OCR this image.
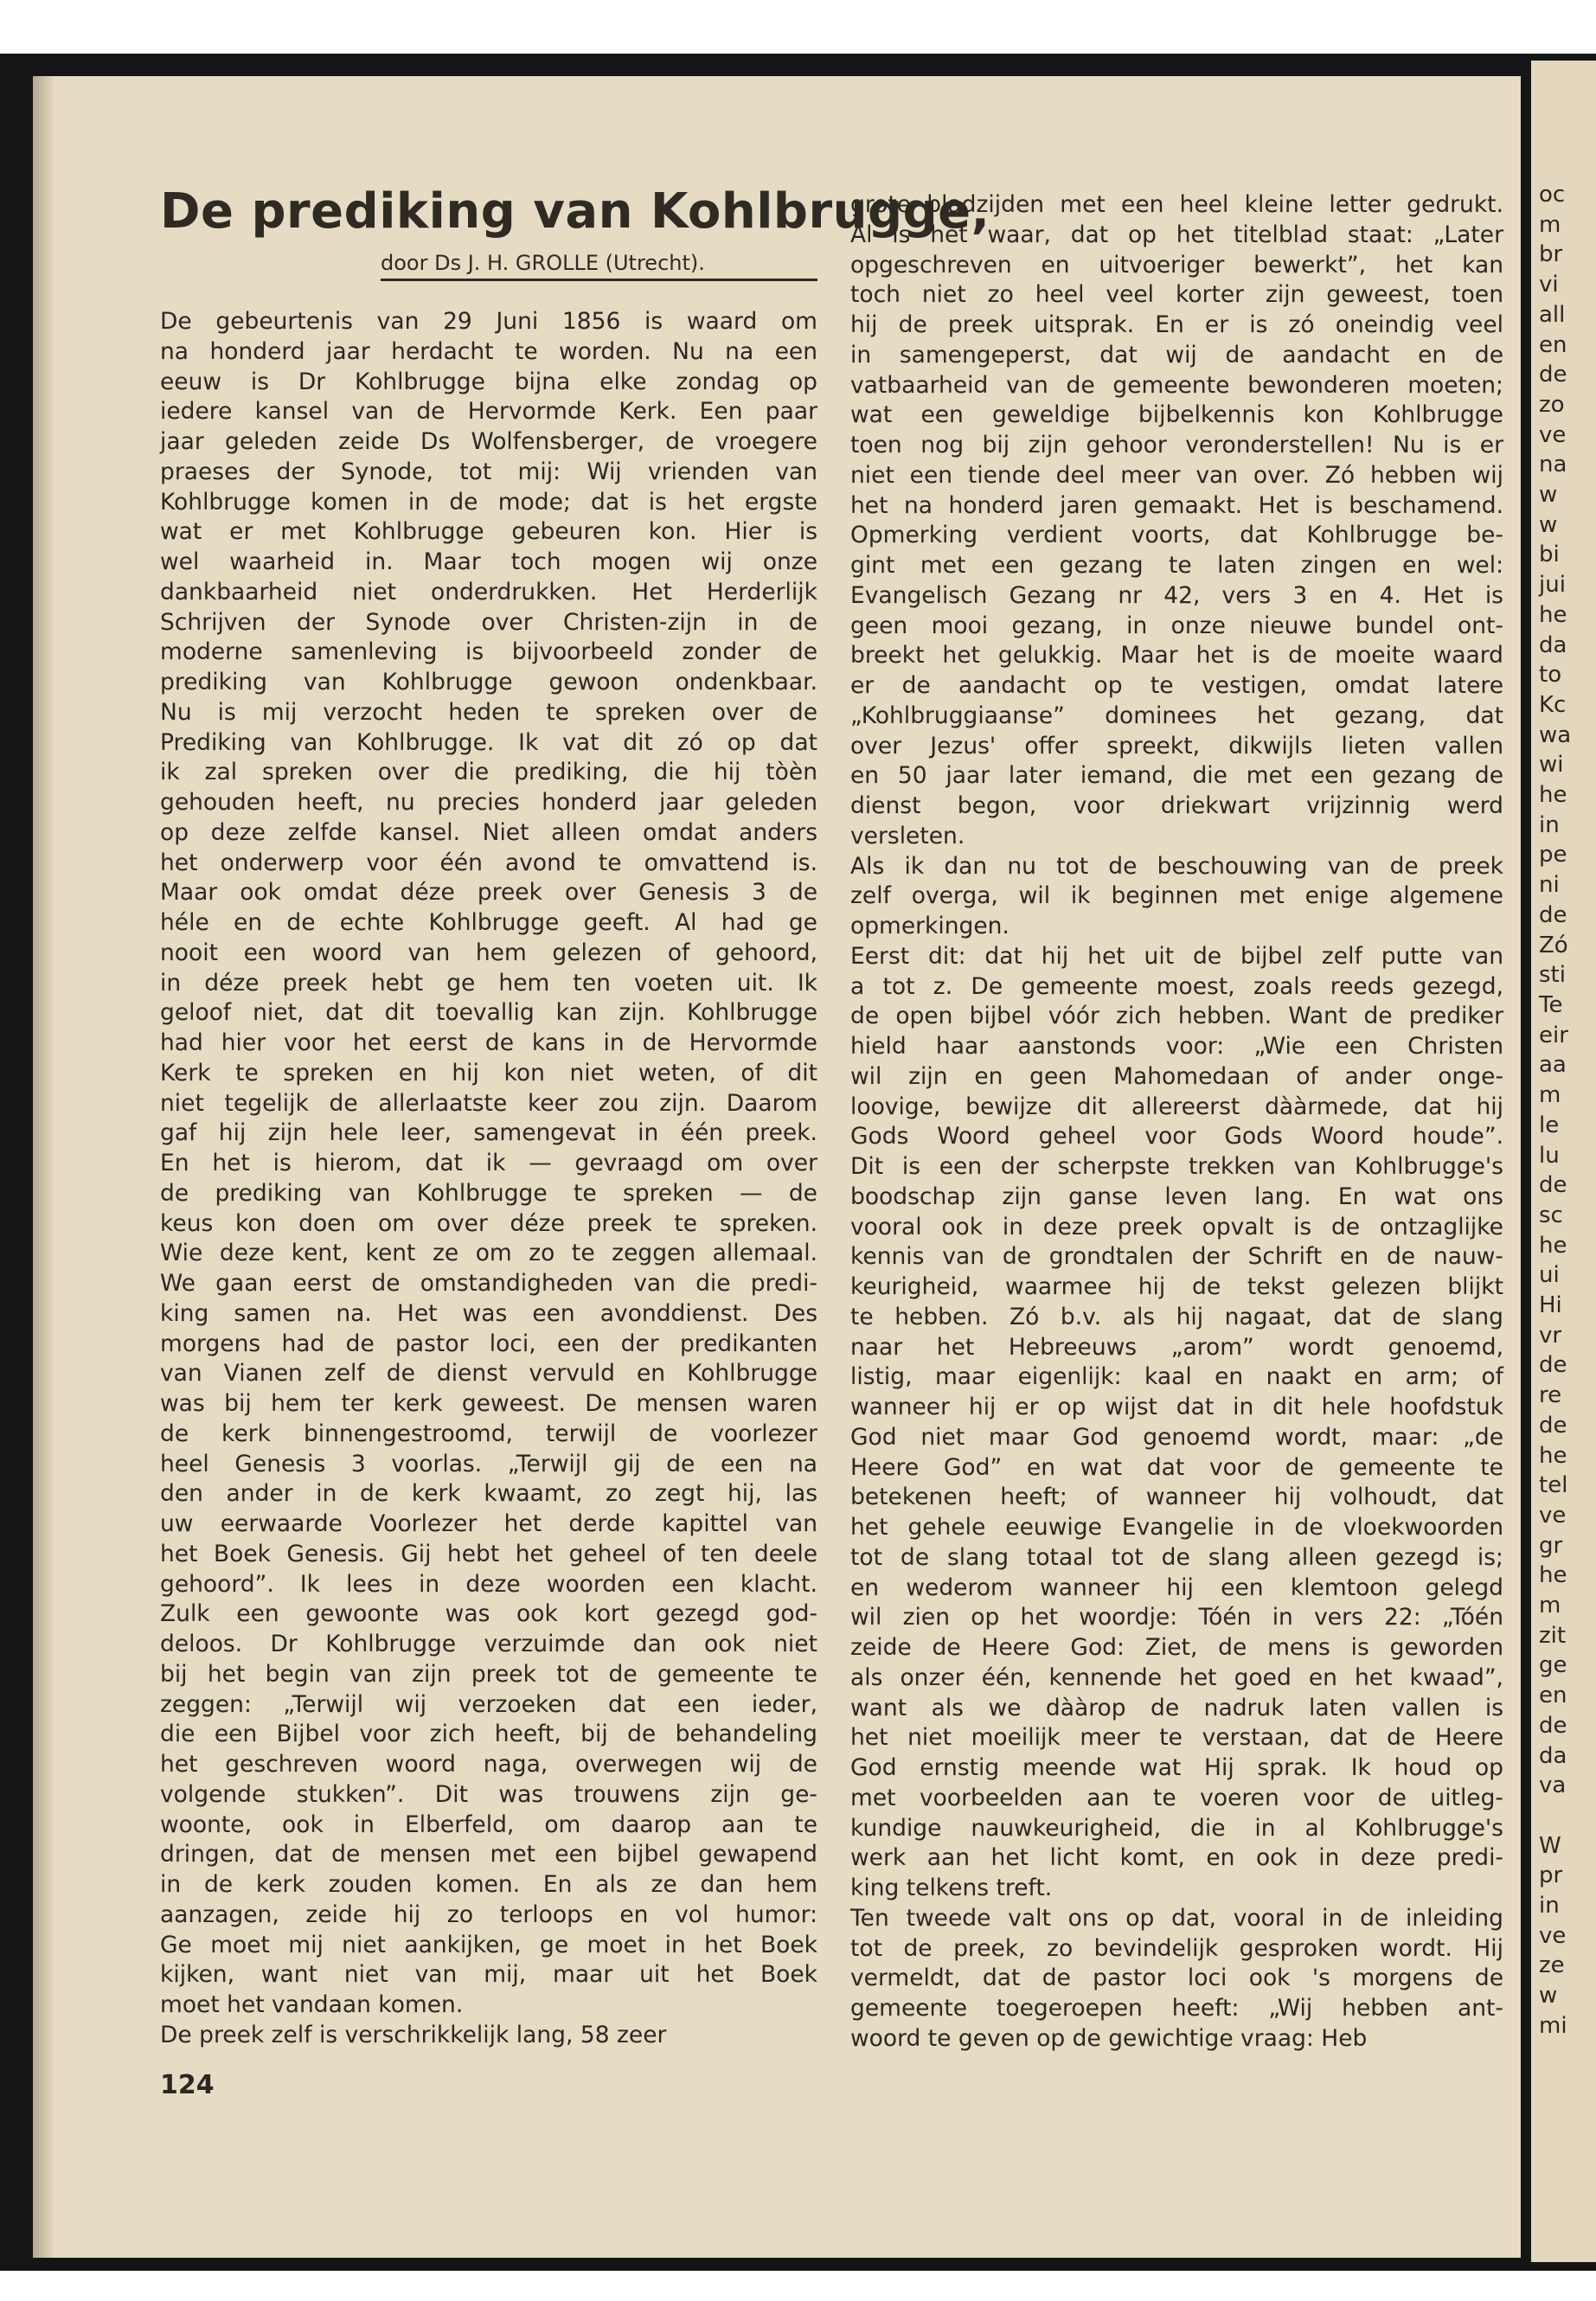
oc
m
br
vi
all
en
de
zo
ve
na
w
w
bi
jui
he
da
to
Kc
wa
wi
he
in
pe
ni
de
Zó
sti
Te
eir
aa
m
le
lu
de
sc
he
ui
Hi
vr
de
re
de
he
tel
ve
gr
he
m
zit
ge
en
de
da
va

W
pr
in
ve
ze
w
mi
De prediking van Kohlbrugge,
door Ds J. H. GROLLE (Utrecht).
De gebeurtenis van 29 Juni 1856 is waard om
na honderd jaar herdacht te worden. Nu na een
eeuw is Dr Kohlbrugge bijna elke zondag op
iedere kansel van de Hervormde Kerk. Een paar
jaar geleden zeide Ds Wolfensberger, de vroegere
praeses der Synode, tot mij: Wij vrienden van
Kohlbrugge komen in de mode; dat is het ergste
wat er met Kohlbrugge gebeuren kon. Hier is
wel waarheid in. Maar toch mogen wij onze
dankbaarheid niet onderdrukken. Het Herderlijk
Schrijven der Synode over Christen-zijn in de
moderne samenleving is bijvoorbeeld zonder de
prediking van Kohlbrugge gewoon ondenkbaar.
Nu is mij verzocht heden te spreken over de
Prediking van Kohlbrugge. Ik vat dit zó op dat
ik zal spreken over die prediking, die hij tòèn
gehouden heeft, nu precies honderd jaar geleden
op deze zelfde kansel. Niet alleen omdat anders
het onderwerp voor één avond te omvattend is.
Maar ook omdat déze preek over Genesis 3 de
héle en de echte Kohlbrugge geeft. Al had ge
nooit een woord van hem gelezen of gehoord,
in déze preek hebt ge hem ten voeten uit. Ik
geloof niet, dat dit toevallig kan zijn. Kohlbrugge
had hier voor het eerst de kans in de Hervormde
Kerk te spreken en hij kon niet weten, of dit
niet tegelijk de allerlaatste keer zou zijn. Daarom
gaf hij zijn hele leer, samengevat in één preek.
En het is hierom, dat ik — gevraagd om over
de prediking van Kohlbrugge te spreken — de
keus kon doen om over déze preek te spreken.
Wie deze kent, kent ze om zo te zeggen allemaal.
We gaan eerst de omstandigheden van die predi-
king samen na. Het was een avonddienst. Des
morgens had de pastor loci, een der predikanten
van Vianen zelf de dienst vervuld en Kohlbrugge
was bij hem ter kerk geweest. De mensen waren
de kerk binnengestroomd, terwijl de voorlezer
heel Genesis 3 voorlas. „Terwijl gij de een na
den ander in de kerk kwaamt, zo zegt hij, las
uw eerwaarde Voorlezer het derde kapittel van
het Boek Genesis. Gij hebt het geheel of ten deele
gehoord”. Ik lees in deze woorden een klacht.
Zulk een gewoonte was ook kort gezegd god-
deloos. Dr Kohlbrugge verzuimde dan ook niet
bij het begin van zijn preek tot de gemeente te
zeggen: „Terwijl wij verzoeken dat een ieder,
die een Bijbel voor zich heeft, bij de behandeling
het geschreven woord naga, overwegen wij de
volgende stukken”. Dit was trouwens zijn ge-
woonte, ook in Elberfeld, om daarop aan te
dringen, dat de mensen met een bijbel gewapend
in de kerk zouden komen. En als ze dan hem
aanzagen, zeide hij zo terloops en vol humor:
Ge moet mij niet aankijken, ge moet in het Boek
kijken, want niet van mij, maar uit het Boek
moet het vandaan komen.
De preek zelf is verschrikkelijk lang, 58 zeer
grote bladzijden met een heel kleine letter gedrukt.
Al is het waar, dat op het titelblad staat: „Later
opgeschreven en uitvoeriger bewerkt”, het kan
toch niet zo heel veel korter zijn geweest, toen
hij de preek uitsprak. En er is zó oneindig veel
in samengeperst, dat wij de aandacht en de
vatbaarheid van de gemeente bewonderen moeten;
wat een geweldige bijbelkennis kon Kohlbrugge
toen nog bij zijn gehoor veronderstellen! Nu is er
niet een tiende deel meer van over. Zó hebben wij
het na honderd jaren gemaakt. Het is beschamend.
Opmerking verdient voorts, dat Kohlbrugge be-
gint met een gezang te laten zingen en wel:
Evangelisch Gezang nr 42, vers 3 en 4. Het is
geen mooi gezang, in onze nieuwe bundel ont-
breekt het gelukkig. Maar het is de moeite waard
er de aandacht op te vestigen, omdat latere
„Kohlbruggiaanse” dominees het gezang, dat
over Jezus' offer spreekt, dikwijls lieten vallen
en 50 jaar later iemand, die met een gezang de
dienst begon, voor driekwart vrijzinnig werd
versleten.
Als ik dan nu tot de beschouwing van de preek
zelf overga, wil ik beginnen met enige algemene
opmerkingen.
Eerst dit: dat hij het uit de bijbel zelf putte van
a tot z. De gemeente moest, zoals reeds gezegd,
de open bijbel vóór zich hebben. Want de prediker
hield haar aanstonds voor: „Wie een Christen
wil zijn en geen Mahomedaan of ander onge-
loovige, bewijze dit allereerst dààrmede, dat hij
Gods Woord geheel voor Gods Woord houde”.
Dit is een der scherpste trekken van Kohlbrugge's
boodschap zijn ganse leven lang. En wat ons
vooral ook in deze preek opvalt is de ontzaglijke
kennis van de grondtalen der Schrift en de nauw-
keurigheid, waarmee hij de tekst gelezen blijkt
te hebben. Zó b.v. als hij nagaat, dat de slang
naar het Hebreeuws „arom” wordt genoemd,
listig, maar eigenlijk: kaal en naakt en arm; of
wanneer hij er op wijst dat in dit hele hoofdstuk
God niet maar God genoemd wordt, maar: „de
Heere God” en wat dat voor de gemeente te
betekenen heeft; of wanneer hij volhoudt, dat
het gehele eeuwige Evangelie in de vloekwoorden
tot de slang totaal tot de slang alleen gezegd is;
en wederom wanneer hij een klemtoon gelegd
wil zien op het woordje: Tóén in vers 22: „Tóén
zeide de Heere God: Ziet, de mens is geworden
als onzer één, kennende het goed en het kwaad”,
want als we dààrop de nadruk laten vallen is
het niet moeilijk meer te verstaan, dat de Heere
God ernstig meende wat Hij sprak. Ik houd op
met voorbeelden aan te voeren voor de uitleg-
kundige nauwkeurigheid, die in al Kohlbrugge's
werk aan het licht komt, en ook in deze predi-
king telkens treft.
Ten tweede valt ons op dat, vooral in de inleiding
tot de preek, zo bevindelijk gesproken wordt. Hij
vermeldt, dat de pastor loci ook 's morgens de
gemeente toegeroepen heeft: „Wij hebben ant-
woord te geven op de gewichtige vraag: Heb
124
